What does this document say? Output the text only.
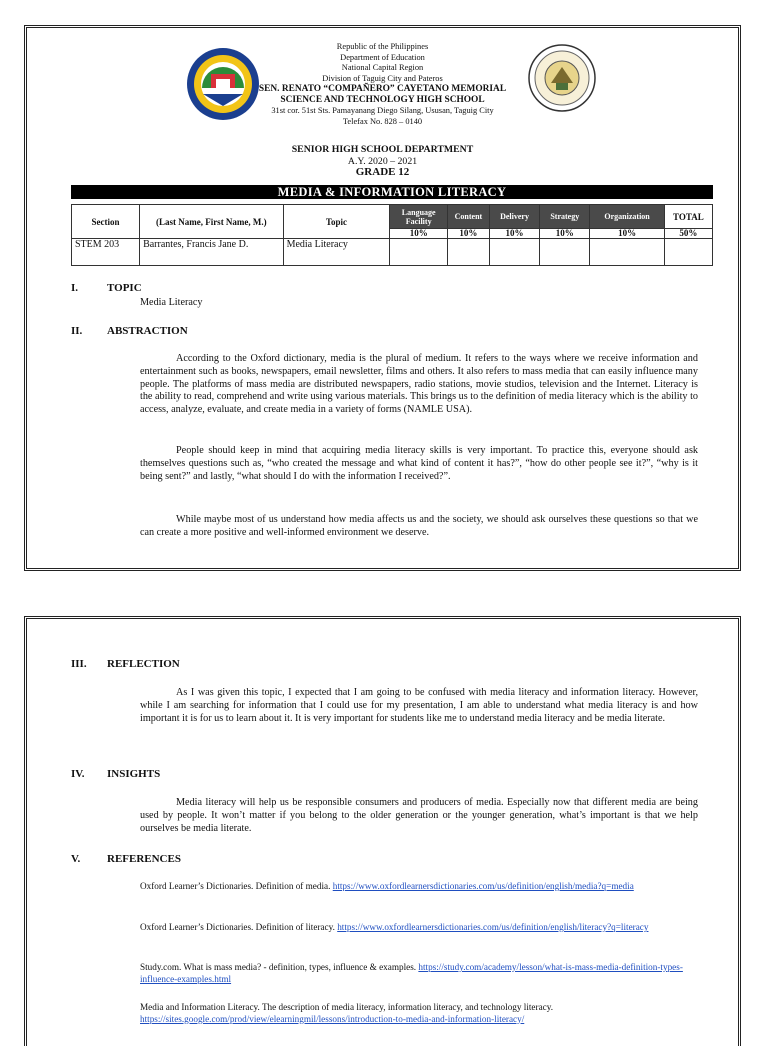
Republic of the Philippines
Department of Education
National Capital Region
Division of Taguig City and Pateros
SEN. RENATO “COMPAÑERO” CAYETANO MEMORIAL
SCIENCE AND TECHNOLOGY HIGH SCHOOL
31st cor. 51st Sts. Pamayanang Diego Silang, Ususan, Taguig City
Telefax No. 828 – 0140
SENIOR HIGH SCHOOL DEPARTMENT
A.Y. 2020 – 2021
GRADE 12
MEDIA & INFORMATION LITERACY
Section	(Last Name, First Name, M.)	Topic	Language Facility	Content	Delivery	Strategy	Organization	TOTAL
			10%	10%	10%	10%	10%	50%
STEM 203	Barrantes, Francis Jane D.	Media Literacy						
I.	TOPIC
Media Literacy
II. ABSTRACTION

According to the Oxford dictionary, media is the plural of medium. It refers to the ways where we receive information and entertainment such as books, newspapers, email newsletter, films and others. It also refers to mass media that can easily influence many people. The platforms of mass media are distributed newspapers, radio stations, movie studios, television and the Internet. Literacy is the ability to read, comprehend and write using various materials. This brings us to the definition of media literacy which is the ability to access, analyze, evaluate, and create media in a variety of forms (NAMLE USA).

People should keep in mind that acquiring media literacy skills is very important. To practice this, everyone should ask themselves questions such as, “who created the message and what kind of content it has?”, “how do other people see it?”, “why is it being sent?” and lastly, “what should I do with the information I received?”.

While maybe most of us understand how media affects us and the society, we should ask ourselves these questions so that we can create a more positive and well-informed environment we deserve.

III. REFLECTION

As I was given this topic, I expected that I am going to be confused with media literacy and information literacy. However, while I am searching for information that I could use for my presentation, I am able to understand what media literacy is and how important it is for us to learn about it. It is very important for students like me to understand media literacy and be media literate.

IV. INSIGHTS

Media literacy will help us be responsible consumers and producers of media. Especially now that different media are being used by people. It won’t matter if you belong to the older generation or the younger generation, what’s important is that we help ourselves be media literate.

V. REFERENCES

Oxford Learner’s Dictionaries. Definition of media. https://www.oxfordlearnersdictionaries.com/us/definition/english/media?q=media

Oxford Learner’s Dictionaries. Definition of literacy. https://www.oxfordlearnersdictionaries.com/us/definition/english/literacy?q=literacy

Study.com. What is mass media? - definition, types, influence & examples. https://study.com/academy/lesson/what-is-mass-media-definition-types-influence-examples.html

Media and Information Literacy. The description of media literacy, information literacy, and technology literacy. https://sites.google.com/prod/view/elearningmil/lessons/introduction-to-media-and-information-literacy/
